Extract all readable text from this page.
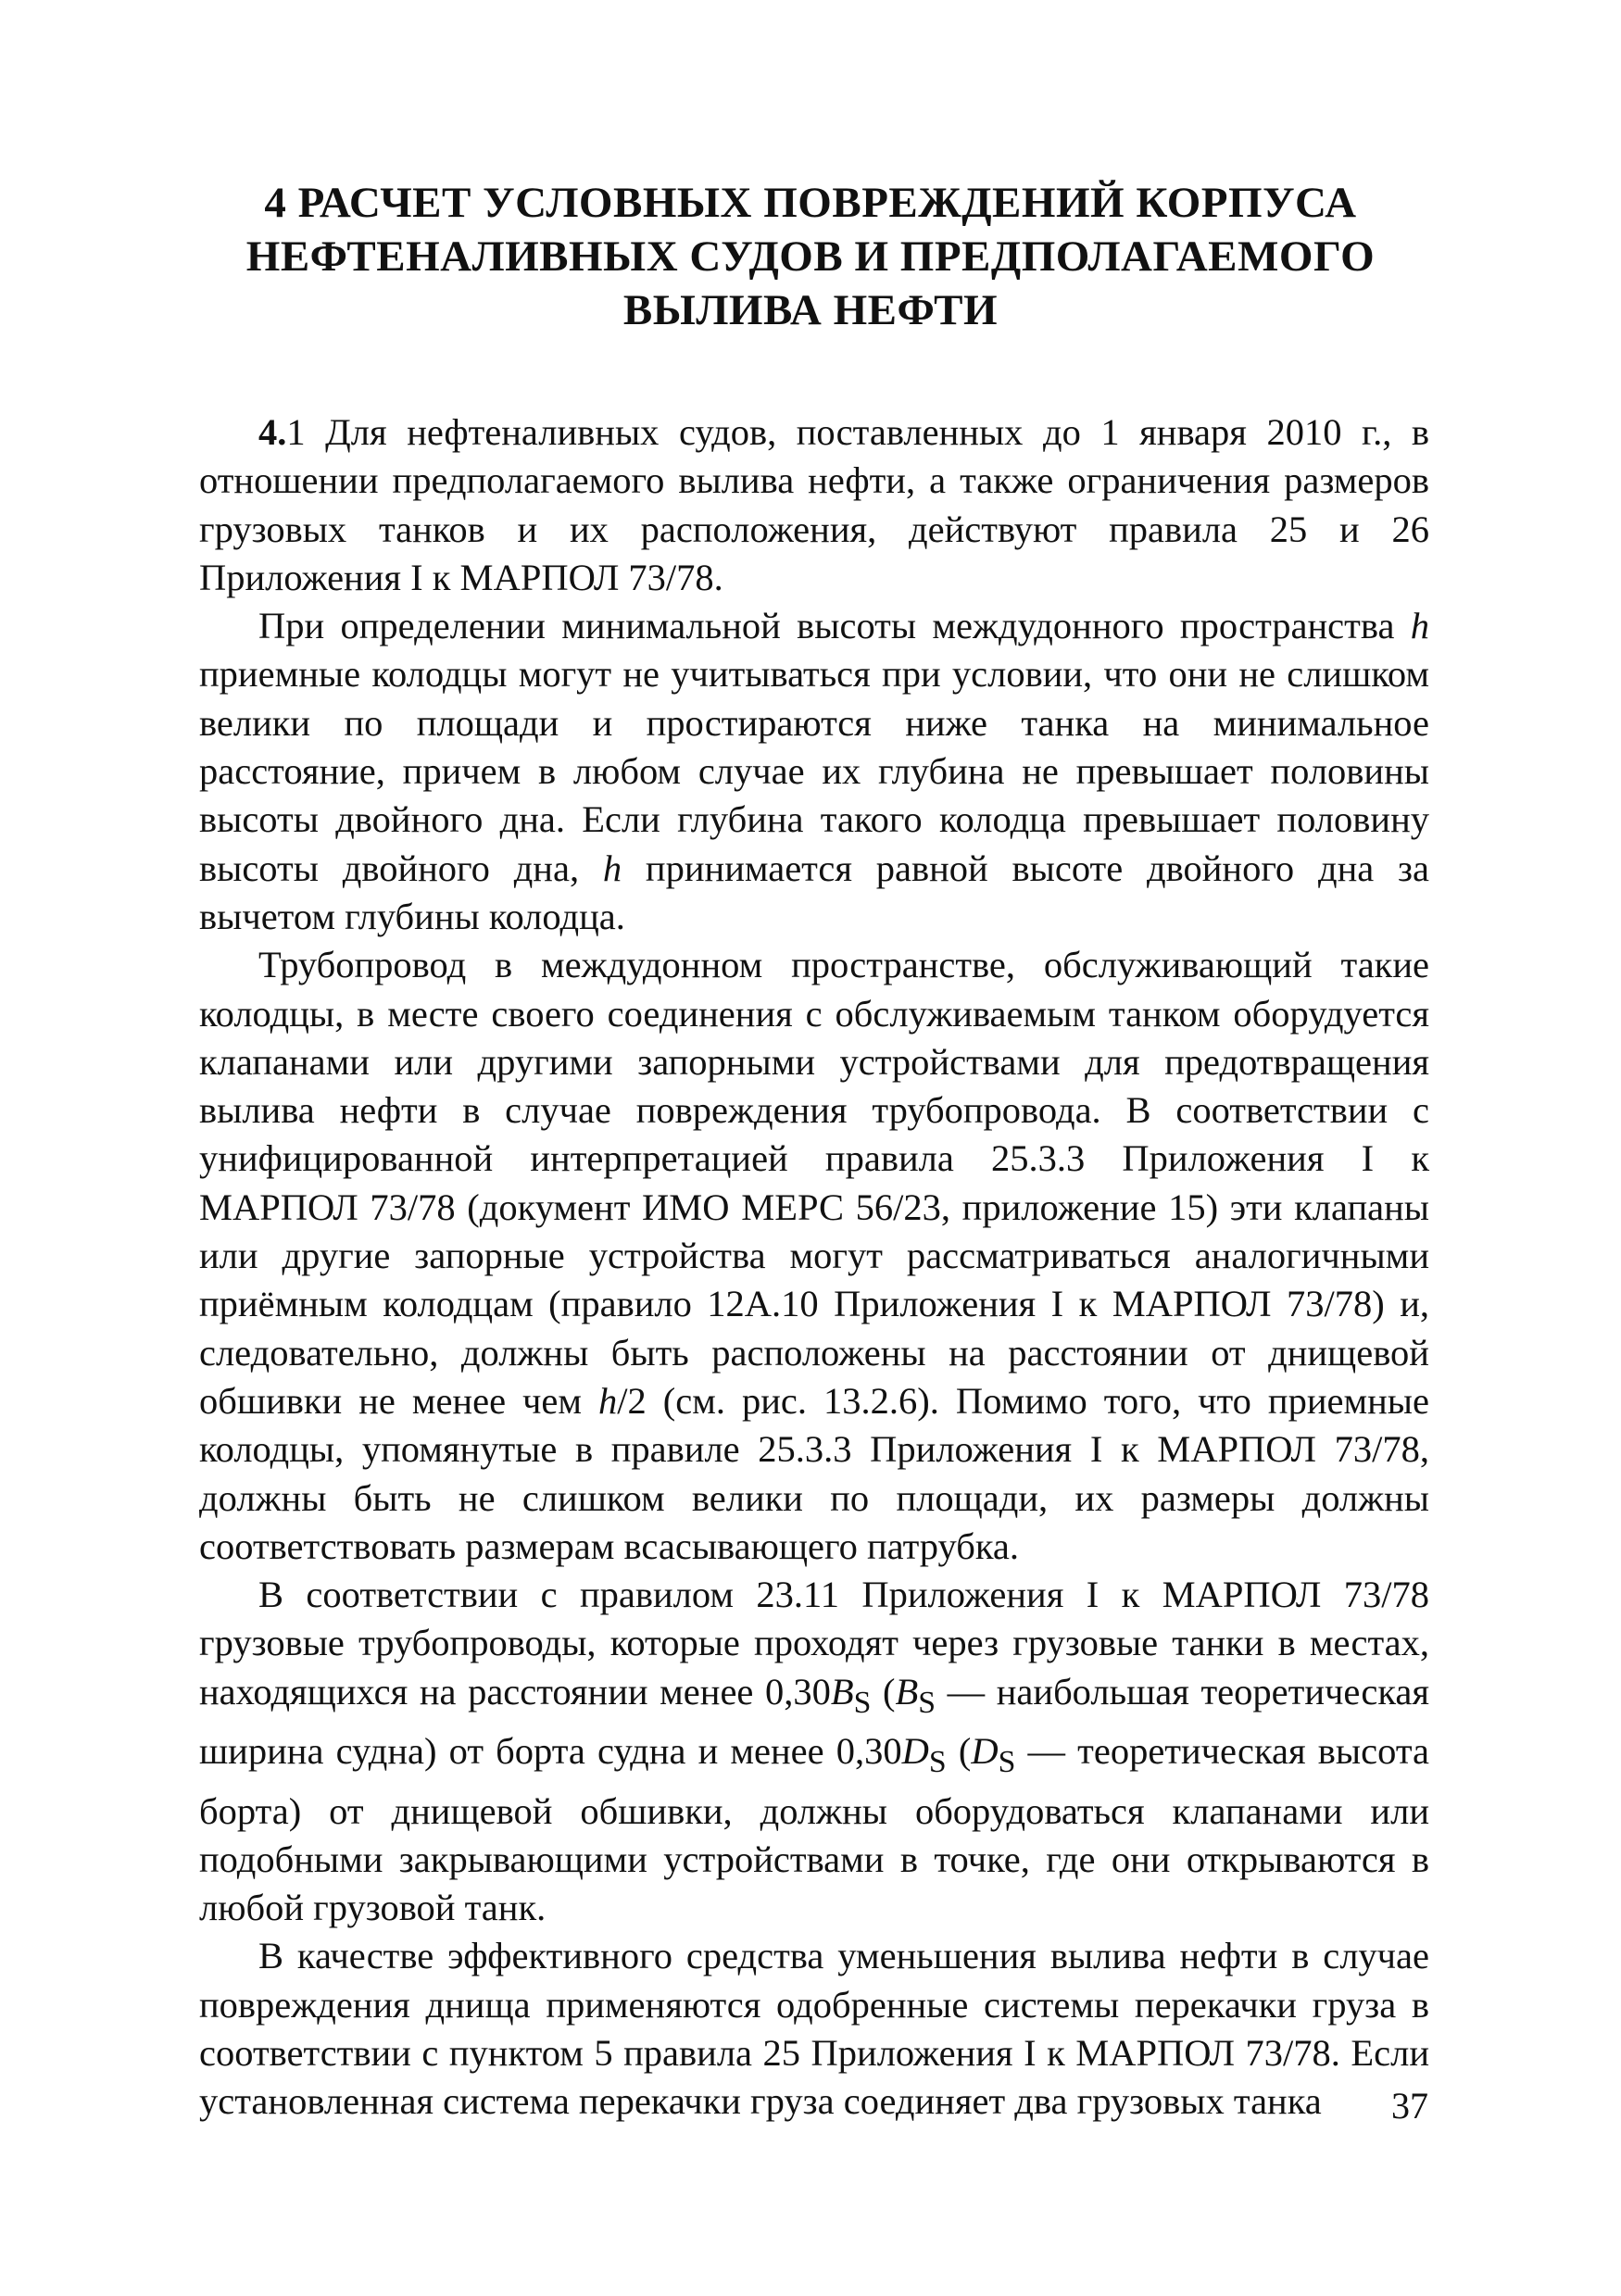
4 РАСЧЕТ УСЛОВНЫХ ПОВРЕЖДЕНИЙ КОРПУСА
НЕФТЕНАЛИВНЫХ СУДОВ И ПРЕДПОЛАГАЕМОГО
ВЫЛИВА НЕФТИ

4.1 Для нефтеналивных судов, поставленных до 1 января 2010 г., в отношении предполагаемого вылива нефти, а также ограничения размеров грузовых танков и их расположения, действуют правила 25 и 26 Приложения I к МАРПОЛ 73/78.

При определении минимальной высоты междудонного пространства h приемные колодцы могут не учитываться при условии, что они не слишком велики по площади и простираются ниже танка на минимальное расстояние, причем в любом случае их глубина не превышает половины высоты двойного дна. Если глубина такого колодца превышает половину высоты двойного дна, h принимается равной высоте двойного дна за вычетом глубины колодца.

Трубопровод в междудонном пространстве, обслуживающий такие колодцы, в месте своего соединения с обслуживаемым танком оборудуется клапанами или другими запорными устройствами для предотвращения вылива нефти в случае повреждения трубопровода. В соответствии с унифицированной интерпретацией правила 25.3.3 Приложения I к МАРПОЛ 73/78 (документ ИМО МЕРС 56/23, приложение 15) эти клапаны или другие запорные устройства могут рассматриваться аналогичными приёмным колодцам (правило 12А.10 Приложения I к МАРПОЛ 73/78) и, следовательно, должны быть расположены на расстоянии от днищевой обшивки не менее чем h/2 (см. рис. 13.2.6). Помимо того, что приемные колодцы, упомянутые в правиле 25.3.3 Приложения I к МАРПОЛ 73/78, должны быть не слишком велики по площади, их размеры должны соответствовать размерам всасывающего патрубка.

В соответствии с правилом 23.11 Приложения I к МАРПОЛ 73/78 грузовые трубопроводы, которые проходят через грузовые танки в местах, находящихся на расстоянии менее $0,30B_S$ ($B_S$ — наибольшая теоретическая ширина судна) от борта судна и менее $0,30D_S$ ($D_S$ — теоретическая высота борта) от днищевой обшивки, должны оборудоваться клапанами или подобными закрывающими устройствами в точке, где они открываются в любой грузовой танк.

В качестве эффективного средства уменьшения вылива нефти в случае повреждения днища применяются одобренные системы перекачки груза в соответствии с пунктом 5 правила 25 Приложения I к МАРПОЛ 73/78. Если установленная система перекачки груза соединяет два грузовых танка	37
